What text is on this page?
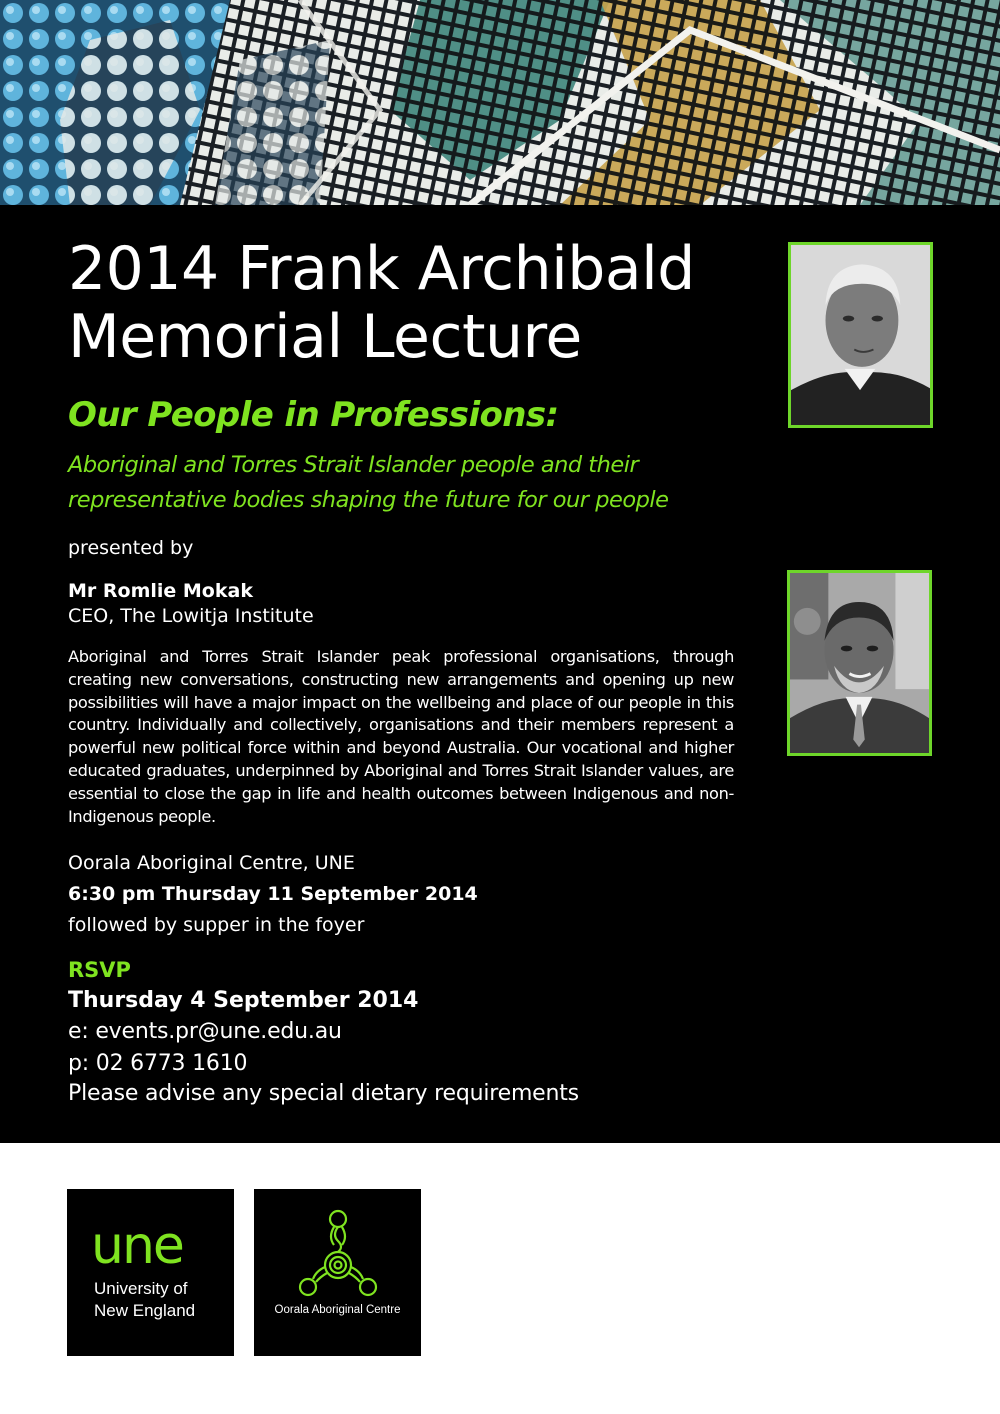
2014 Frank Archibald
Memorial Lecture
Our People in Professions:
Aboriginal and Torres Strait Islander people and their
representative bodies shaping the future for our people
presented by
Mr Romlie Mokak
CEO, The Lowitja Institute

Aboriginal and Torres Strait Islander peak professional organisations, through creating new conversations, constructing new arrangements and opening up new possibilities will have a major impact on the wellbeing and place of our people in this country. Individually and collectively, organisations and their members represent a powerful new political force within and beyond Australia. Our vocational and higher educated graduates, underpinned by Aboriginal and Torres Strait Islander values, are essential to close the gap in life and health outcomes between Indigenous and non-Indigenous people.

Oorala Aboriginal Centre, UNE
6:30 pm Thursday 11 September 2014
followed by supper in the foyer
RSVP
Thursday 4 September 2014
e: events.pr@une.edu.au
p: 02 6773 1610
Please advise any special dietary requirements
une
University of
New England	Oorala Aboriginal Centre
